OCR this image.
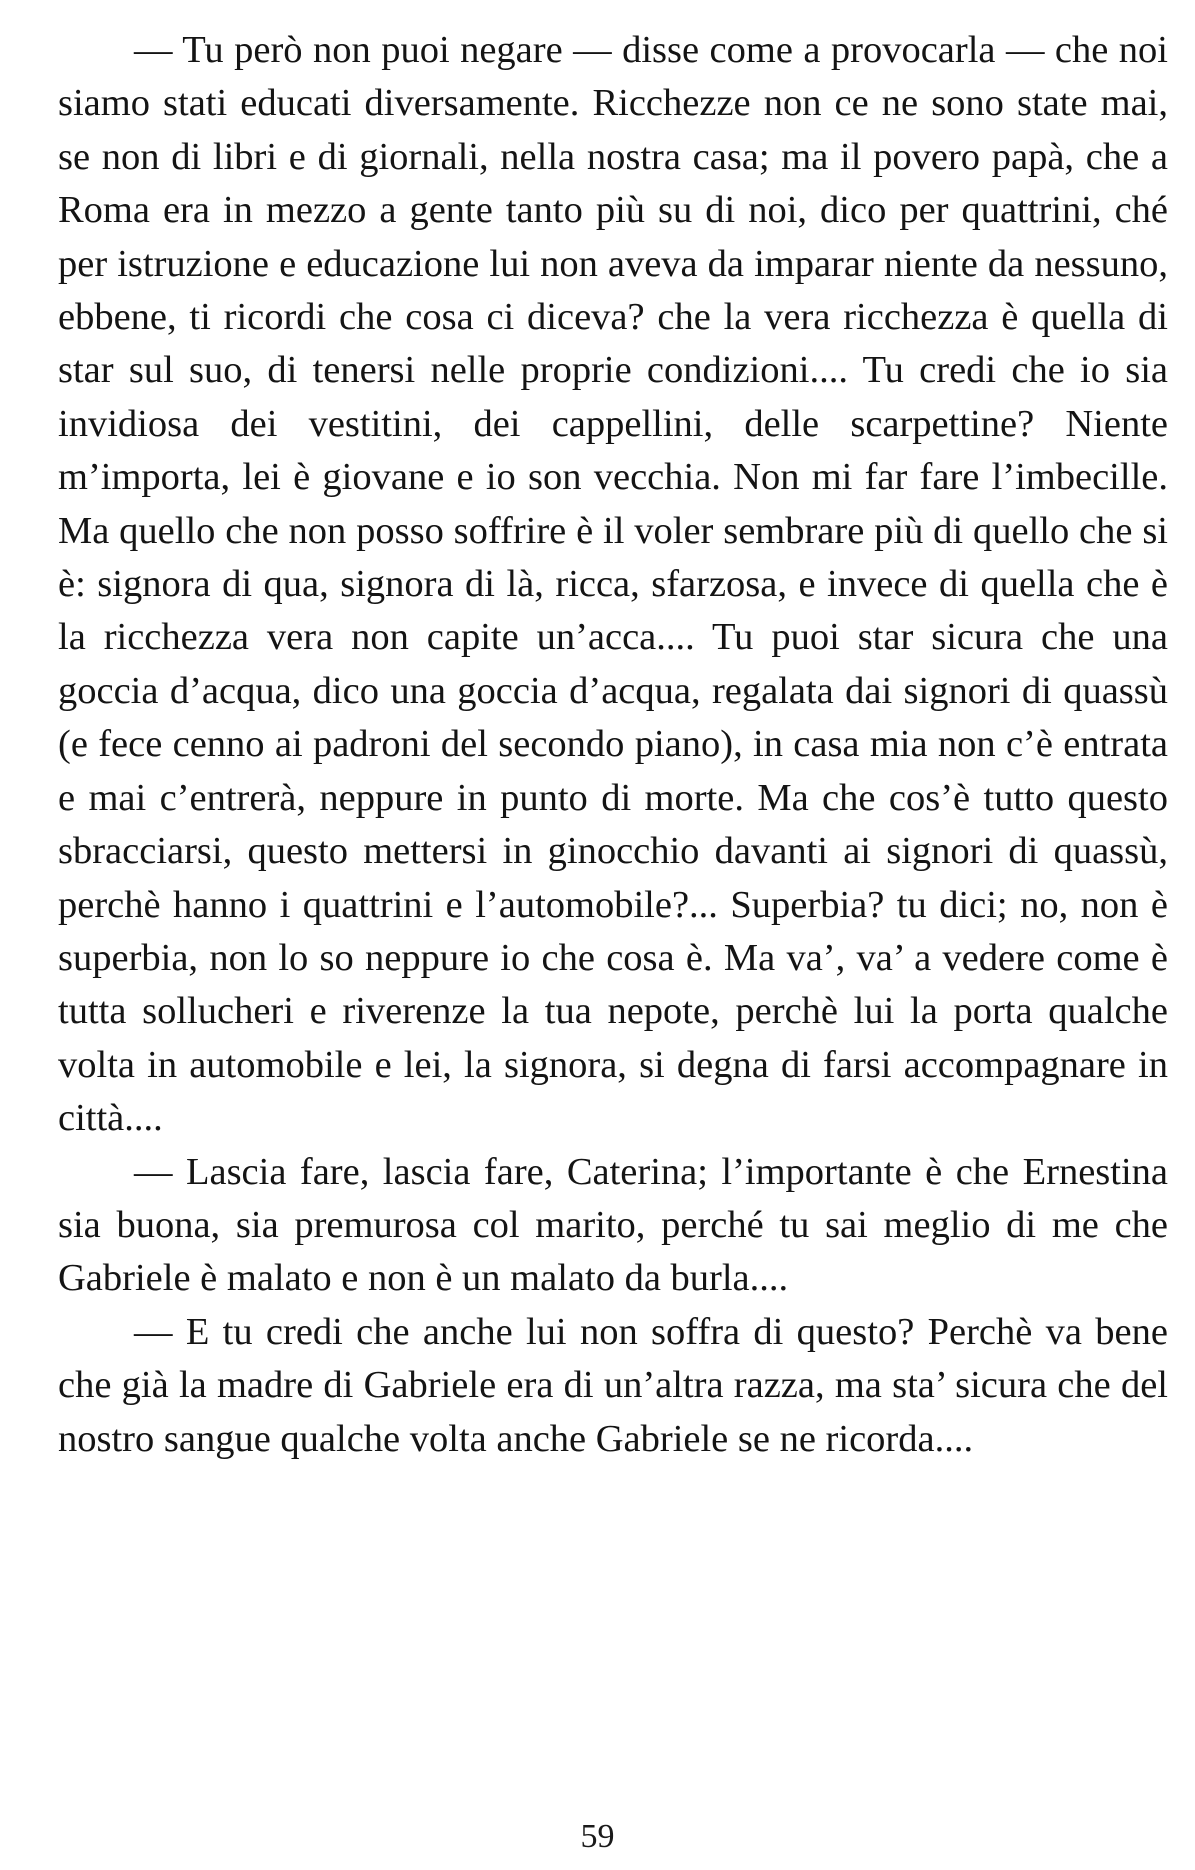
— Tu però non puoi negare — disse come a provocarla — che noi siamo stati educati diversamente. Ricchezze non ce ne sono state mai, se non di libri e di giornali, nella nostra casa; ma il povero papà, che a Roma era in mezzo a gente tanto più su di noi, dico per quattrini, ché per istruzione e educazione lui non aveva da imparar niente da nessuno, ebbene, ti ricordi che cosa ci diceva? che la vera ricchezza è quella di star sul suo, di tenersi nelle proprie condizioni.... Tu credi che io sia invidiosa dei vestitini, dei cappellini, delle scarpettine? Niente m’importa, lei è giovane e io son vecchia. Non mi far fare l’imbecille. Ma quello che non posso soffrire è il voler sembrare più di quello che si è: signora di qua, signora di là, ricca, sfarzosa, e invece di quella che è la ricchezza vera non capite un’acca.... Tu puoi star sicura che una goccia d’acqua, dico una goccia d’acqua, regalata dai signori di quassù (e fece cenno ai padroni del secondo piano), in casa mia non c’è entrata e mai c’entrerà, neppure in punto di morte. Ma che cos’è tutto questo sbracciarsi, questo mettersi in ginocchio davanti ai signori di quassù, perchè hanno i quattrini e l’automobile?... Superbia? tu dici; no, non è superbia, non lo so neppure io che cosa è. Ma va’, va’ a vedere come è tutta sollucheri e riverenze la tua nepote, perchè lui la porta qualche volta in automobile e lei, la signora, si degna di farsi accompagnare in città....

— Lascia fare, lascia fare, Caterina; l’importante è che Ernestina sia buona, sia premurosa col marito, perché tu sai meglio di me che Gabriele è malato e non è un malato da burla....

— E tu credi che anche lui non soffra di questo? Perchè va bene che già la madre di Gabriele era di un’altra razza, ma sta’ sicura che del nostro sangue qualche volta anche Gabriele se ne ricorda....

59
